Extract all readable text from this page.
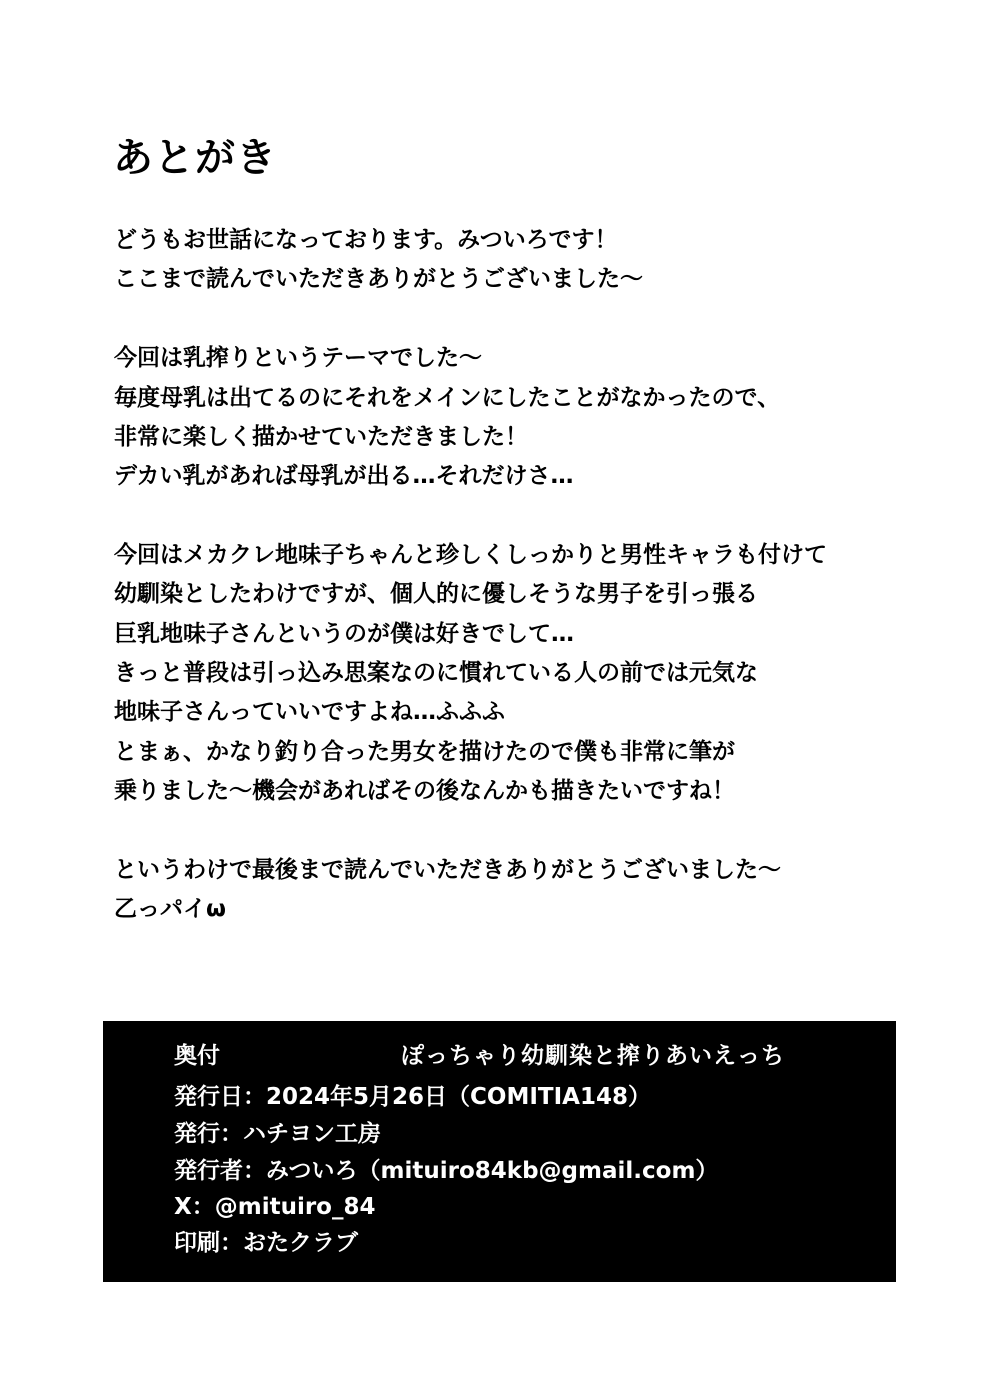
あとがき

どうもお世話になっております。みついろです！

ここまで読んでいただきありがとうございました～

今回は乳搾りというテーマでした～

毎度母乳は出てるのにそれをメインにしたことがなかったので、

非常に楽しく描かせていただきました！

デカい乳があれば母乳が出る…それだけさ…

今回はメカクレ地味子ちゃんと珍しくしっかりと男性キャラも付けて

幼馴染としたわけですが、個人的に優しそうな男子を引っ張る

巨乳地味子さんというのが僕は好きでして…

きっと普段は引っ込み思案なのに慣れている人の前では元気な

地味子さんっていいですよね…ふふふ

とまぁ、かなり釣り合った男女を描けたので僕も非常に筆が

乗りました～機会があればその後なんかも描きたいですね！

というわけで最後まで読んでいただきありがとうございました～

乙っパイω

奥付	ぽっちゃり幼馴染と搾りあいえっち
発行日：2024年5月26日（COMITIA148）
発行：ハチヨン工房
発行者：みついろ（mituiro84kb@gmail.com）
X：@mituiro_84
印刷：おたクラブ
